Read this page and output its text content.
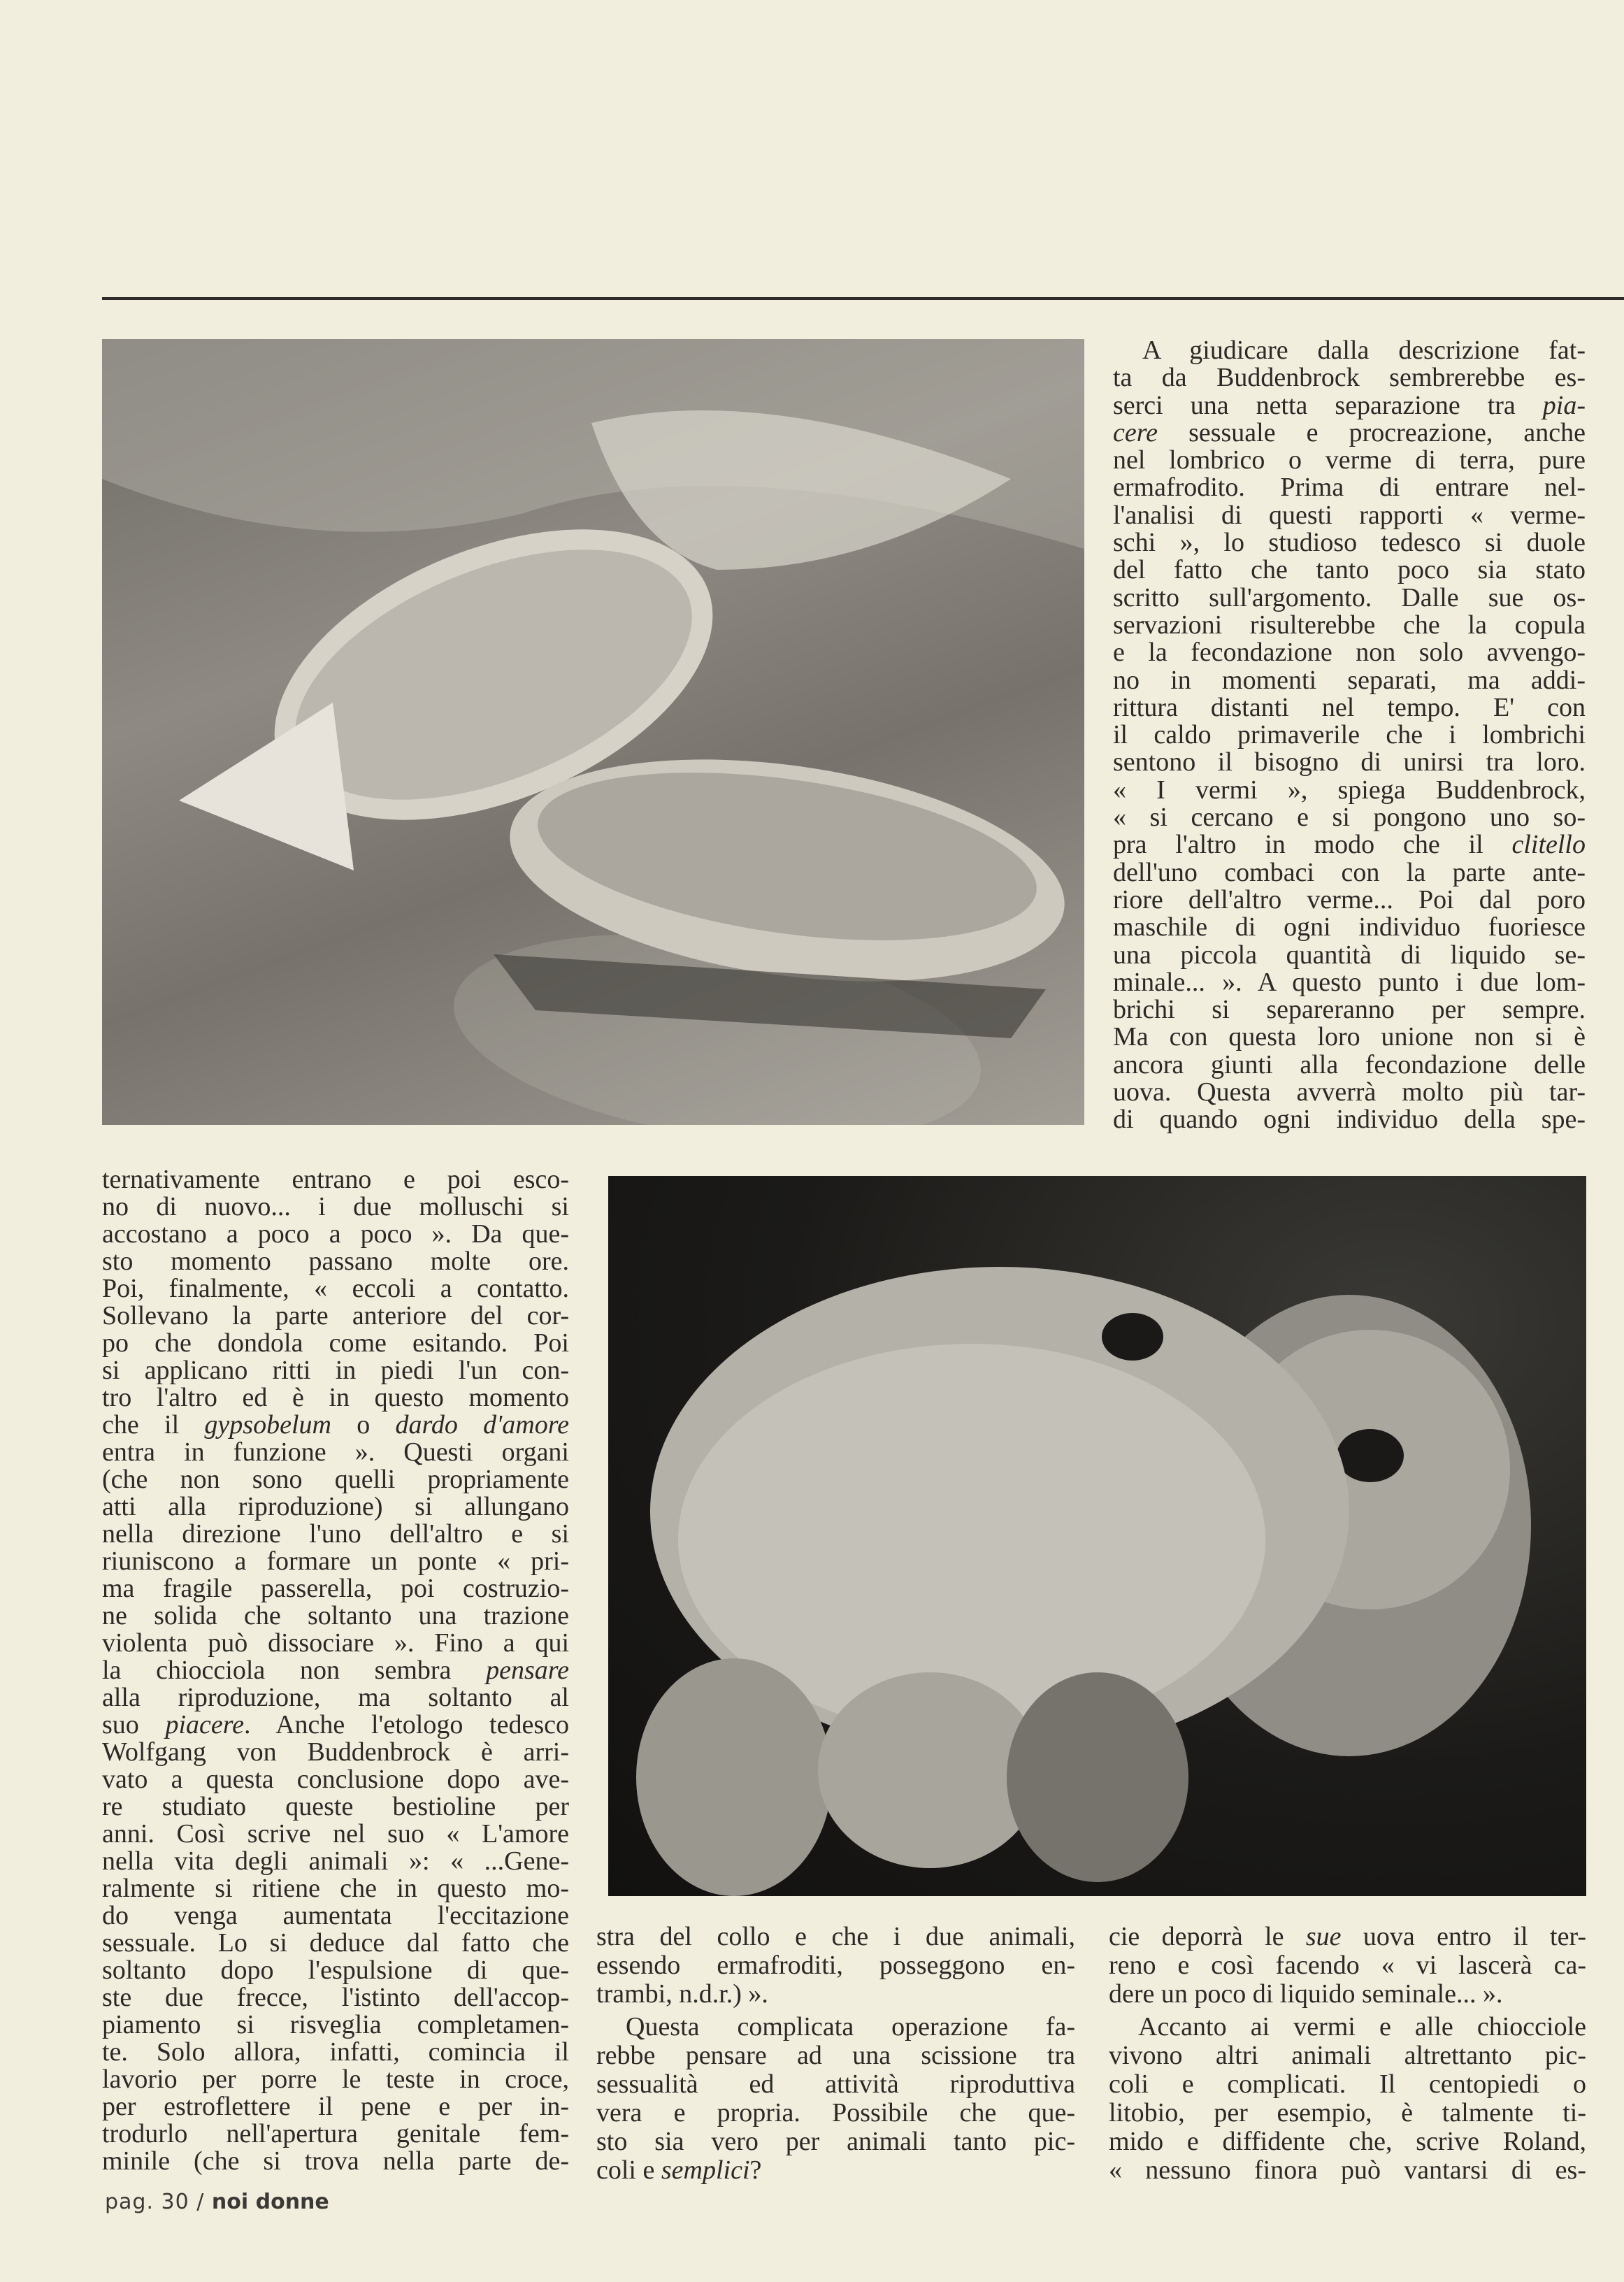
A giudicare dalla descrizione fat-
ta da Buddenbrock sembrerebbe es-
serci una netta separazione tra pia-
cere sessuale e procreazione, anche
nel lombrico o verme di terra, pure
ermafrodito. Prima di entrare nel-
l'analisi di questi rapporti « verme-
schi », lo studioso tedesco si duole
del fatto che tanto poco sia stato
scritto sull'argomento. Dalle sue os-
servazioni risulterebbe che la copula
e la fecondazione non solo avvengo-
no in momenti separati, ma addi-
rittura distanti nel tempo. E' con
il caldo primaverile che i lombrichi
sentono il bisogno di unirsi tra loro.
« I vermi », spiega Buddenbrock,
« si cercano e si pongono uno so-
pra l'altro in modo che il clitello
dell'uno combaci con la parte ante-
riore dell'altro verme... Poi dal poro
maschile di ogni individuo fuoriesce
una piccola quantità di liquido se-
minale... ». A questo punto i due lom-
brichi si separeranno per sempre.
Ma con questa loro unione non si è
ancora giunti alla fecondazione delle
uova. Questa avverrà molto più tar-
di quando ogni individuo della spe-
ternativamente entrano e poi esco-
no di nuovo... i due molluschi si
accostano a poco a poco ». Da que-
sto momento passano molte ore.
Poi, finalmente, « eccoli a contatto.
Sollevano la parte anteriore del cor-
po che dondola come esitando. Poi
si applicano ritti in piedi l'un con-
tro l'altro ed è in questo momento
che il gypsobelum o dardo d'amore
entra in funzione ». Questi organi
(che non sono quelli propriamente
atti alla riproduzione) si allungano
nella direzione l'uno dell'altro e si
riuniscono a formare un ponte « pri-
ma fragile passerella, poi costruzio-
ne solida che soltanto una trazione
violenta può dissociare ». Fino a qui
la chiocciola non sembra pensare
alla riproduzione, ma soltanto al
suo piacere. Anche l'etologo tedesco
Wolfgang von Buddenbrock è arri-
vato a questa conclusione dopo ave-
re studiato queste bestioline per
anni. Così scrive nel suo « L'amore
nella vita degli animali »: « ...Gene-
ralmente si ritiene che in questo mo-
do venga aumentata l'eccitazione
sessuale. Lo si deduce dal fatto che
soltanto dopo l'espulsione di que-
ste due frecce, l'istinto dell'accop-
piamento si risveglia completamen-
te. Solo allora, infatti, comincia il
lavorio per porre le teste in croce,
per estroflettere il pene e per in-
trodurlo nell'apertura genitale fem-
minile (che si trova nella parte de-
stra del collo e che i due animali,
essendo ermafroditi, posseggono en-
trambi, n.d.r.) ».
Questa complicata operazione fa-
rebbe pensare ad una scissione tra
sessualità ed attività riproduttiva
vera e propria. Possibile che que-
sto sia vero per animali tanto pic-
coli e semplici?
cie deporrà le sue uova entro il ter-
reno e così facendo « vi lascerà ca-
dere un poco di liquido seminale... ».
Accanto ai vermi e alle chiocciole
vivono altri animali altrettanto pic-
coli e complicati. Il centopiedi o
litobio, per esempio, è talmente ti-
mido e diffidente che, scrive Roland,
« nessuno finora può vantarsi di es-
pag. 30 / noi donne
